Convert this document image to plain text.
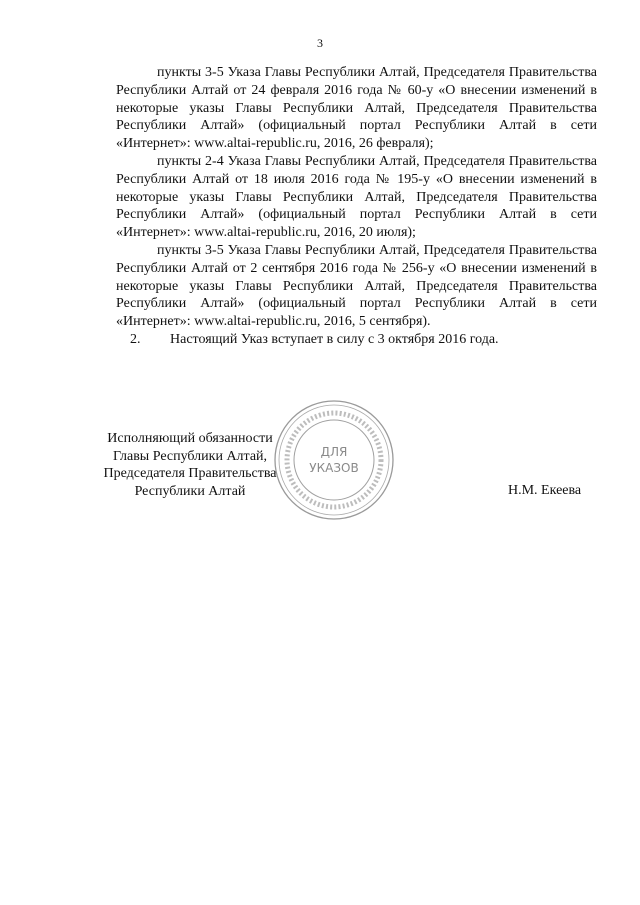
3

пункты 3-5 Указа Главы Республики Алтай, Председателя Правительства Республики Алтай от 24 февраля 2016 года № 60-у «О внесении изменений в некоторые указы Главы Республики Алтай, Председателя Правительства Республики Алтай» (официальный портал Республики Алтай в сети «Интернет»: www.altai-republic.ru, 2016, 26 февраля);

пункты 2-4 Указа Главы Республики Алтай, Председателя Правительства Республики Алтай от 18 июля 2016 года № 195-у «О внесении изменений в некоторые указы Главы Республики Алтай, Председателя Правительства Республики Алтай» (официальный портал Республики Алтай в сети «Интернет»: www.altai-republic.ru, 2016, 20 июля);

пункты 3-5 Указа Главы Республики Алтай, Председателя Правительства Республики Алтай от 2 сентября 2016 года № 256-у «О внесении изменений в некоторые указы Главы Республики Алтай, Председателя Правительства Республики Алтай» (официальный портал Республики Алтай в сети «Интернет»: www.altai-republic.ru, 2016, 5 сентября).

2. Настоящий Указ вступает в силу с 3 октября 2016 года.

Исполняющий обязанности
Главы Республики Алтай,
Председателя Правительства
Республики Алтай	Н.М. Екеева
ДЛЯ
УКАЗОВ
